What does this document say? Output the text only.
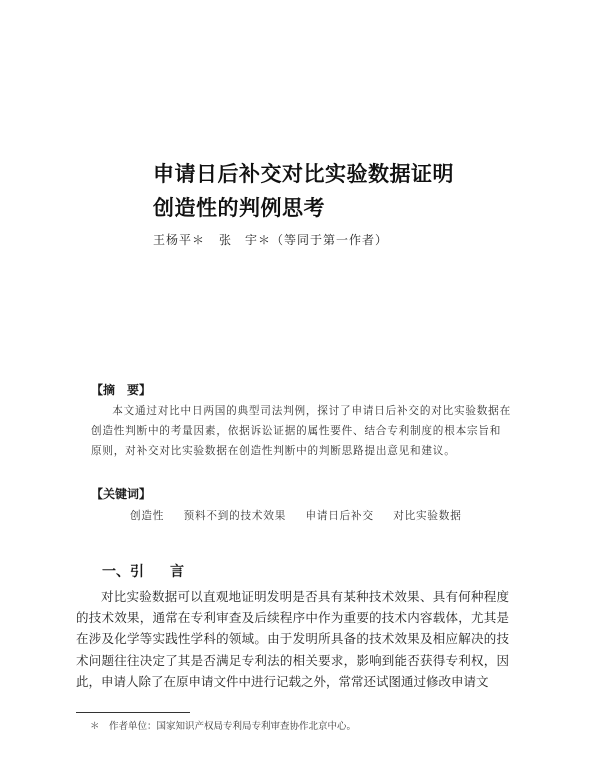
申请日后补交对比实验数据证明
创造性的判例思考
王杨平＊ 张　宇＊（等同于第一作者）
【摘　要】
本文通过对比中日两国的典型司法判例，探讨了申请日后补交的对比实验数据在创造性判断中的考量因素，依据诉讼证据的属性要件、结合专利制度的根本宗旨和原则，对补交对比实验数据在创造性判断中的判断思路提出意见和建议。
【关键词】
创造性 预料不到的技术效果 申请日后补交 对比实验数据
一、引 言
对比实验数据可以直观地证明发明是否具有某种技术效果、具有何种程度的技术效果，通常在专利审查及后续程序中作为重要的技术内容载体，尤其是在涉及化学等实践性学科的领域。由于发明所具备的技术效果及相应解决的技术问题往往决定了其是否满足专利法的相关要求，影响到能否获得专利权，因此，申请人除了在原申请文件中进行记载之外，常常还试图通过修改申请文
＊　作者单位：国家知识产权局专利局专利审查协作北京中心。
